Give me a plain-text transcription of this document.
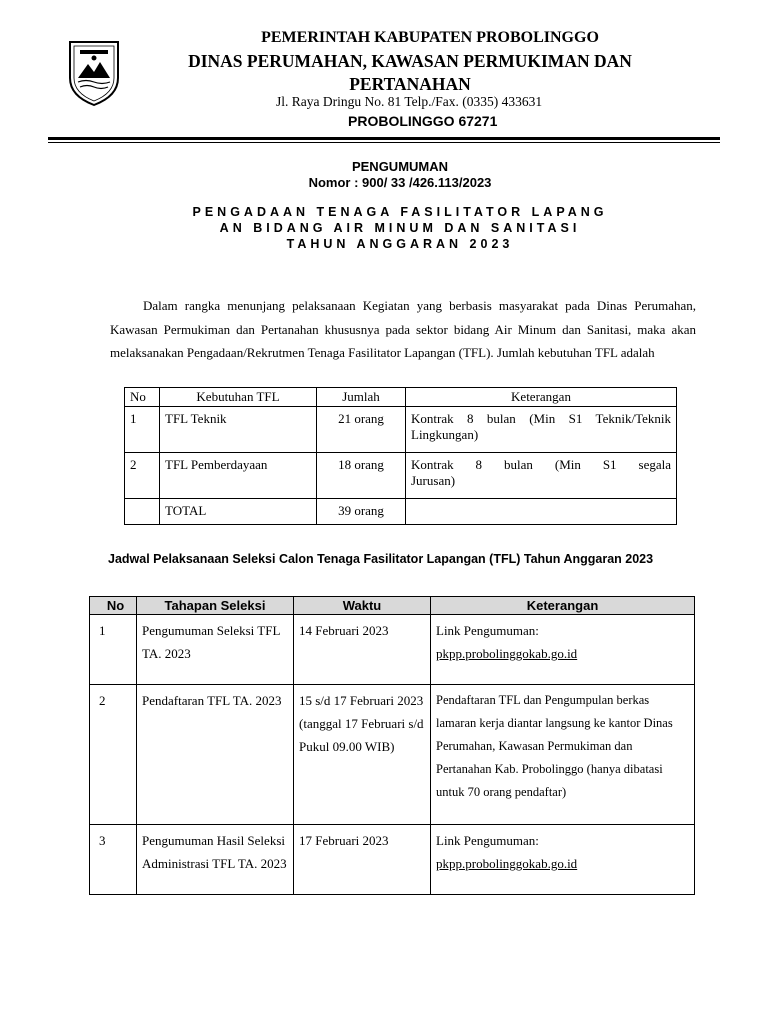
PEMERINTAH KABUPATEN PROBOLINGGO
DINAS PERUMAHAN, KAWASAN PERMUKIMAN DAN
PERTANAHAN
Jl. Raya Dringu No. 81 Telp./Fax. (0335) 433631
PROBOLINGGO 67271
PENGUMUMAN
Nomor : 900/ 33 /426.113/2023
PENGADAAN TENAGA FASILITATOR LAPANG
AN BIDANG AIR MINUM DAN SANITASI
TAHUN ANGGARAN 2023
Dalam rangka menunjang pelaksanaan Kegiatan yang berbasis masyarakat pada Dinas Perumahan, Kawasan Permukiman dan Pertanahan khususnya pada sektor bidang Air Minum dan Sanitasi, maka akan melaksanakan Pengadaan/Rekrutmen Tenaga Fasilitator Lapangan (TFL). Jumlah kebutuhan TFL adalah
No	Kebutuhan TFL	Jumlah	Keterangan
1	TFL Teknik	21 orang	Kontrak 8 bulan (Min S1 Teknik/Teknik Lingkungan)
2	TFL Pemberdayaan	18 orang	Kontrak 8 bulan (Min S1 segala Jurusan)
	TOTAL	39 orang	
Jadwal Pelaksanaan Seleksi Calon Tenaga Fasilitator Lapangan (TFL) Tahun Anggaran 2023
No	Tahapan Seleksi	Waktu	Keterangan
1	Pengumuman Seleksi TFL TA. 2023	14 Februari 2023	Link Pengumuman:
pkpp.probolinggokab.go.id

2	Pendaftaran TFL TA. 2023	15 s/d 17 Februari 2023 (tanggal 17 Februari s/d Pukul 09.00 WIB)	Pendaftaran TFL dan Pengumpulan berkas lamaran kerja diantar langsung ke kantor Dinas Perumahan, Kawasan Permukiman dan Pertanahan Kab. Probolinggo (hanya dibatasi untuk 70 orang pendaftar)
3	Pengumuman Hasil Seleksi Administrasi TFL TA. 2023	17 Februari 2023	Link Pengumuman:
pkpp.probolinggokab.go.id
